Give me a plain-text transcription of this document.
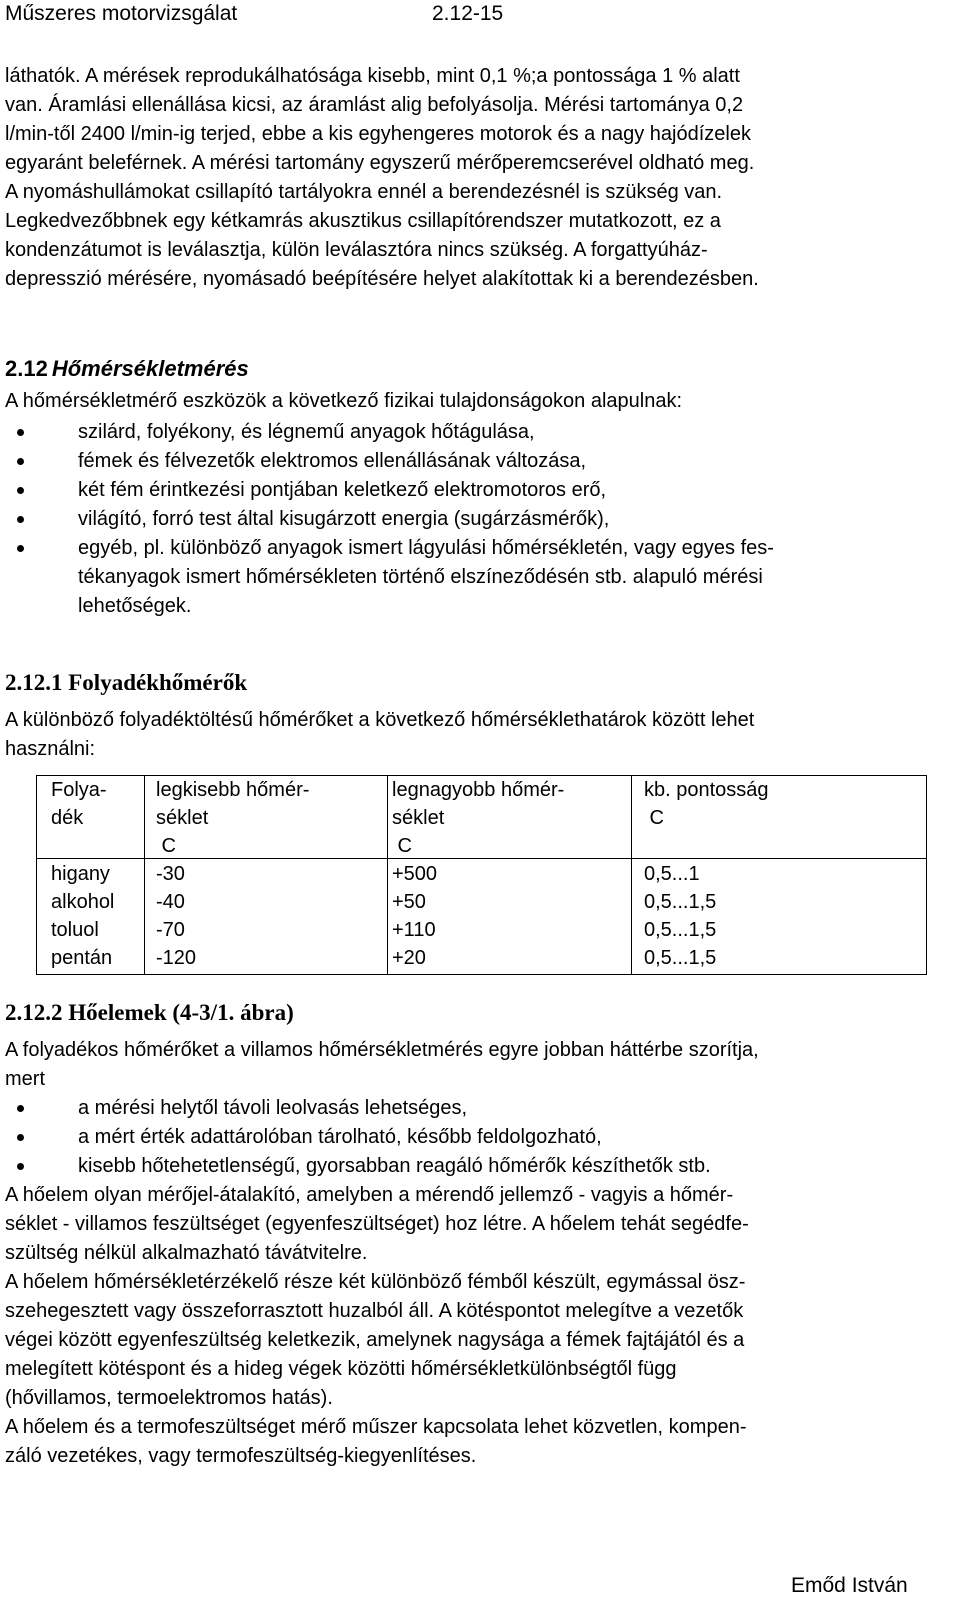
Műszeres motorvizsgálat	2.12-15
láthatók. A mérések reprodukálhatósága kisebb, mint 0,1 %;a pontossága 1 % alatt
van. Áramlási ellenállása kicsi, az áramlást alig befolyásolja. Mérési tartománya 0,2
l/min-től 2400 l/min-ig terjed, ebbe a kis egyhengeres motorok és a nagy hajódízelek
egyaránt beleférnek. A mérési tartomány egyszerű mérőperemcserével oldható meg.
A nyomáshullámokat csillapító tartályokra ennél a berendezésnél is szükség van.
Legkedvezőbbnek egy kétkamrás akusztikus csillapítórendszer mutatkozott, ez a
kondenzátumot is leválasztja, külön leválasztóra nincs szükség. A forgattyúház-
depresszió mérésére, nyomásadó beépítésére helyet alakítottak ki a berendezésben.
2.12 Hőmérsékletmérés
A hőmérsékletmérő eszközök a következő fizikai tulajdonságokon alapulnak:
szilárd, folyékony, és légnemű anyagok hőtágulása,
fémek és félvezetők elektromos ellenállásának változása,
két fém érintkezési pontjában keletkező elektromotoros erő,
világító, forró test által kisugárzott energia (sugárzásmérők),
egyéb, pl. különböző anyagok ismert lágyulási hőmérsékletén, vagy egyes fes-
tékanyagok ismert hőmérsékleten történő elszíneződésén stb. alapuló mérési
lehetőségek.
2.12.1 Folyadékhőmérők
A különböző folyadéktöltésű hőmérőket a következő hőmérséklethatárok között lehet
használni:
Folya-
dék
legkisebb hőmér-
séklet
C
legnagyobb hőmér-
séklet
C
kb. pontosság
C
higany
alkohol
toluol
pentán
-30
-40
-70
-120
+500
+50
+110
+20
0,5...1
0,5...1,5
0,5...1,5
0,5...1,5
2.12.2 Hőelemek (4-3/1. ábra)
A folyadékos hőmérőket a villamos hőmérsékletmérés egyre jobban háttérbe szorítja,
mert
a mérési helytől távoli leolvasás lehetséges,
a mért érték adattárolóban tárolható, később feldolgozható,
kisebb hőtehetetlenségű, gyorsabban reagáló hőmérők készíthetők stb.
A hőelem olyan mérőjel-átalakító, amelyben a mérendő jellemző - vagyis a hőmér-
séklet - villamos feszültséget (egyenfeszültséget) hoz létre. A hőelem tehát segédfe-
szültség nélkül alkalmazható távátvitelre.
A hőelem hőmérsékletérzékelő része két különböző fémből készült, egymással ösz-
szehegesztett vagy összeforrasztott huzalból áll. A kötéspontot melegítve a vezetők
végei között egyenfeszültség keletkezik, amelynek nagysága a fémek fajtájától és a
melegített kötéspont és a hideg végek közötti hőmérsékletkülönbségtől függ
(hővillamos, termoelektromos hatás).
A hőelem és a termofeszültséget mérő műszer kapcsolata lehet közvetlen, kompen-
záló vezetékes, vagy termofeszültség-kiegyenlítéses.
Emőd István
